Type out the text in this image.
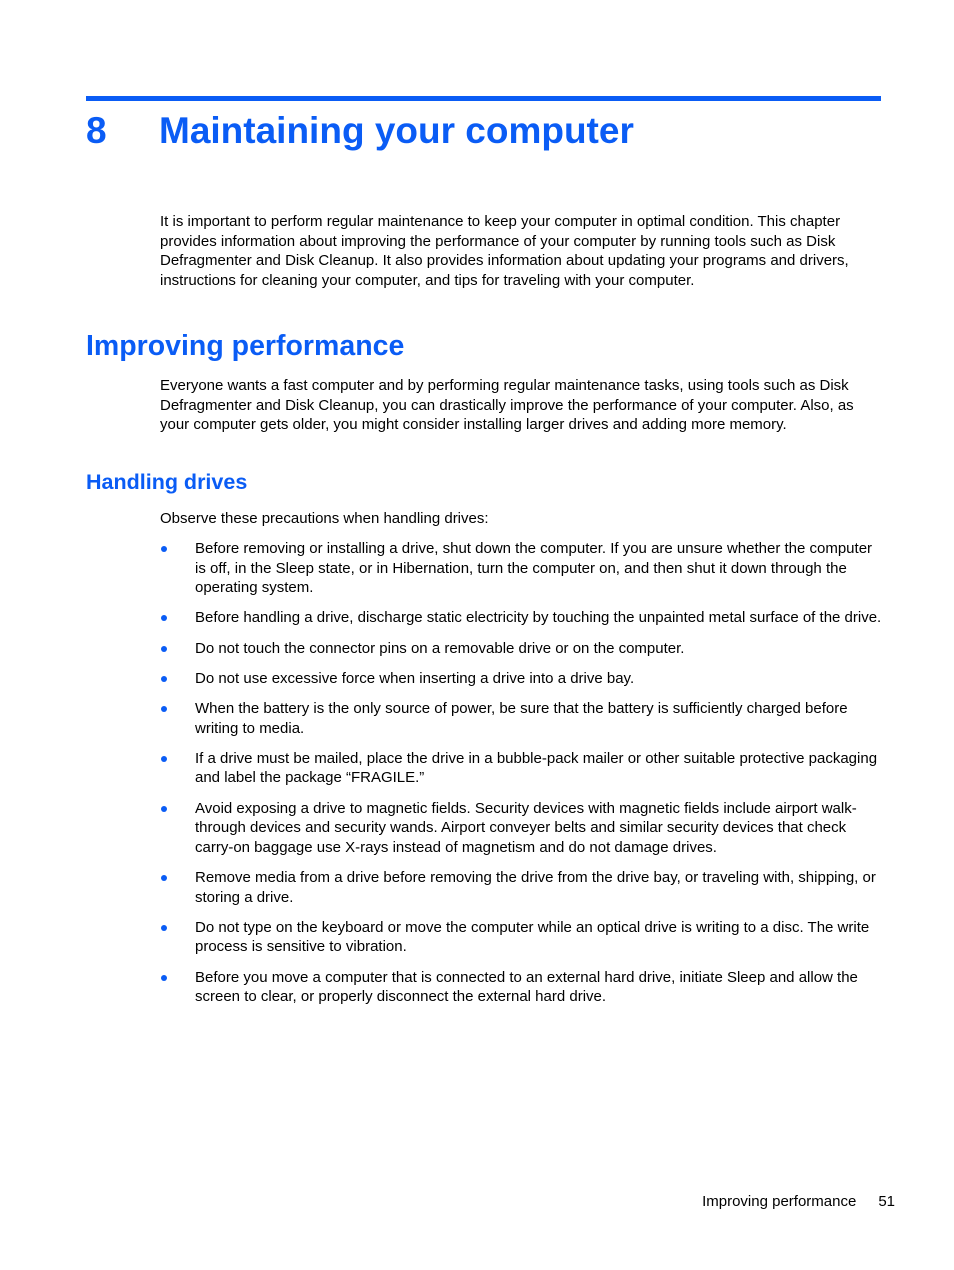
8 Maintaining your computer

It is important to perform regular maintenance to keep your computer in optimal condition. This chapter provides information about improving the performance of your computer by running tools such as Disk Defragmenter and Disk Cleanup. It also provides information about updating your programs and drivers, instructions for cleaning your computer, and tips for traveling with your computer.

Improving performance

Everyone wants a fast computer and by performing regular maintenance tasks, using tools such as Disk Defragmenter and Disk Cleanup, you can drastically improve the performance of your computer. Also, as your computer gets older, you might consider installing larger drives and adding more memory.

Handling drives

Observe these precautions when handling drives:

Before removing or installing a drive, shut down the computer. If you are unsure whether the computer is off, in the Sleep state, or in Hibernation, turn the computer on, and then shut it down through the operating system.
Before handling a drive, discharge static electricity by touching the unpainted metal surface of the drive.
Do not touch the connector pins on a removable drive or on the computer.
Do not use excessive force when inserting a drive into a drive bay.
When the battery is the only source of power, be sure that the battery is sufficiently charged before writing to media.
If a drive must be mailed, place the drive in a bubble-pack mailer or other suitable protective packaging and label the package “FRAGILE.”
Avoid exposing a drive to magnetic fields. Security devices with magnetic fields include airport walk-through devices and security wands. Airport conveyer belts and similar security devices that check carry-on baggage use X-rays instead of magnetism and do not damage drives.
Remove media from a drive before removing the drive from the drive bay, or traveling with, shipping, or storing a drive.
Do not type on the keyboard or move the computer while an optical drive is writing to a disc. The write process is sensitive to vibration.
Before you move a computer that is connected to an external hard drive, initiate Sleep and allow the screen to clear, or properly disconnect the external hard drive.
Improving performance 51
